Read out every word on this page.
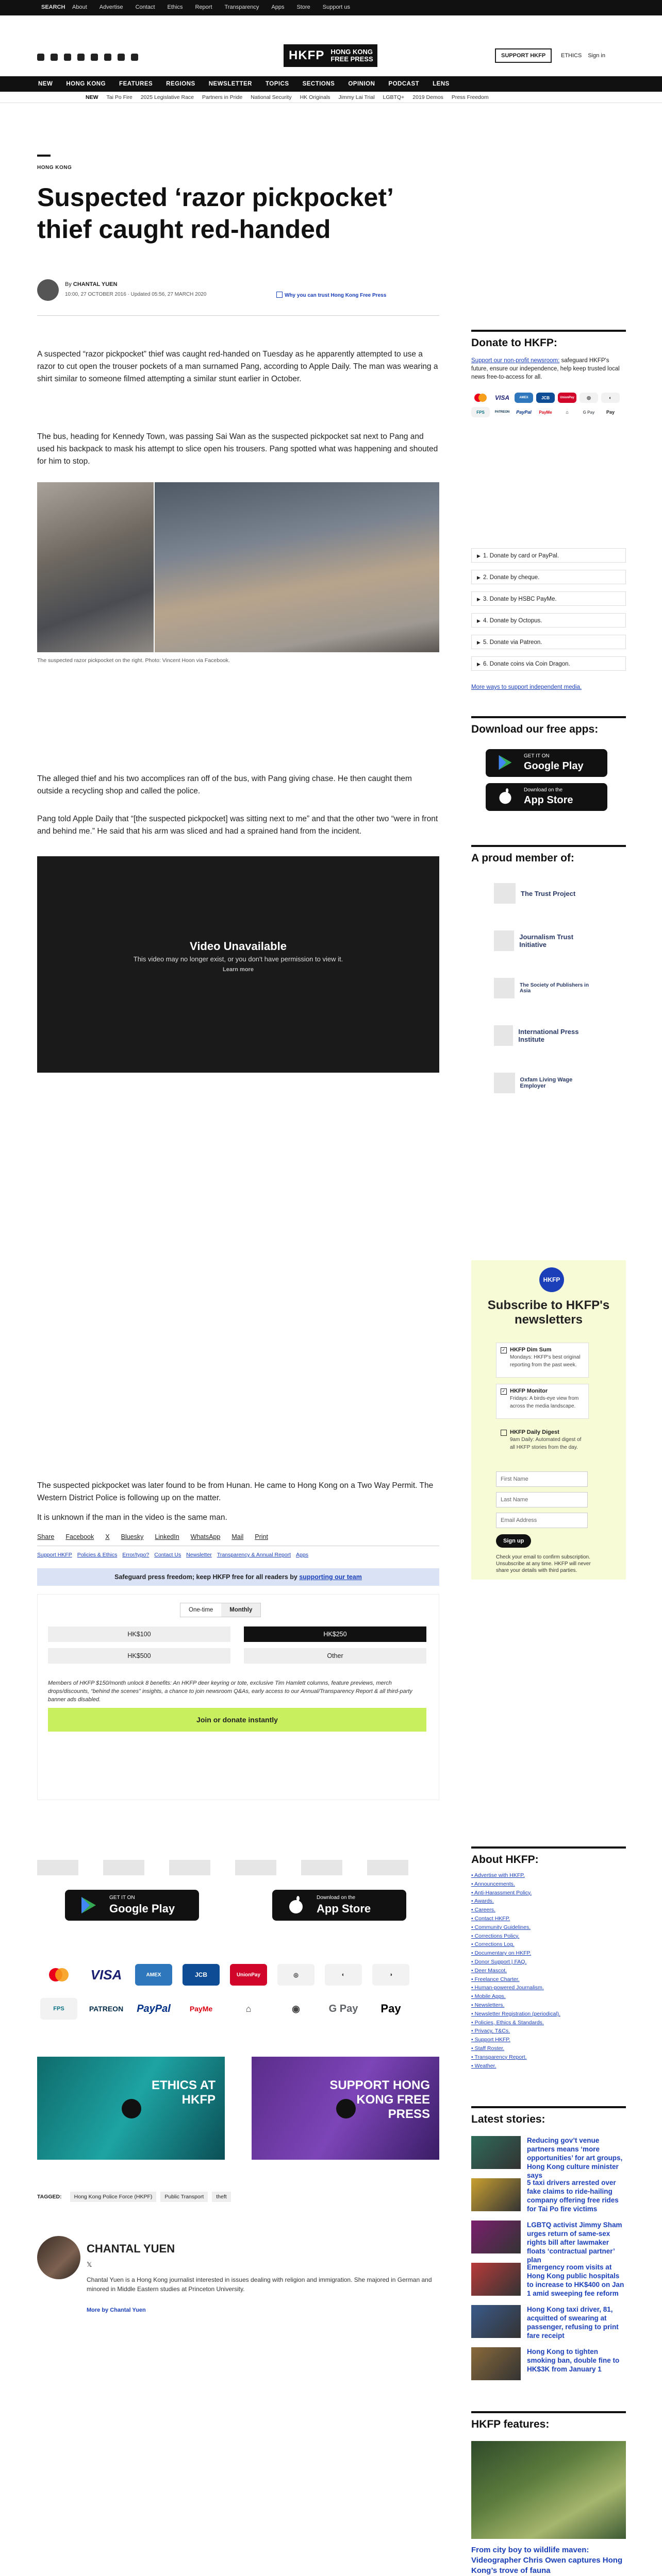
SEARCH About Advertise Contact Ethics Report Transparency Apps Store Support us
HKFP HONG KONG
FREE PRESS	SUPPORT HKFP	ETHICS Sign in
NEW HONG KONG FEATURES REGIONS NEWSLETTER TOPICS SECTIONS OPINION PODCAST LENS
NEW Tai Po Fire 2025 Legislative Race Partners in Pride National Security HK Originals Jimmy Lai Trial LGBTQ+ 2019 Demos Press Freedom
HONG KONG
Suspected ‘razor pickpocket’ thief caught red-handed
By CHANTAL YUEN
10:00, 27 OCTOBER 2016 · Updated 05:56, 27 MARCH 2020	Why you can trust Hong Kong Free Press

A suspected “razor pickpocket” thief was caught red-handed on Tuesday as he apparently attempted to use a razor to cut open the trouser pockets of a man surnamed Pang, according to Apple Daily. The man was wearing a shirt similar to someone filmed attempting a similar stunt earlier in October.

The bus, heading for Kennedy Town, was passing Sai Wan as the suspected pickpocket sat next to Pang and used his backpack to mask his attempt to slice open his trousers. Pang spotted what was happening and shouted for him to stop.

The suspected razor pickpocket on the right. Photo: Vincent Hoon via Facebook.

The alleged thief and his two accomplices ran off of the bus, with Pang giving chase. He then caught them outside a recycling shop and called the police.

Pang told Apple Daily that “[the suspected pickpocket] was sitting next to me” and that the other two “were in front and behind me.” He said that his arm was sliced and had a sprained hand from the incident.

Video Unavailable
This video may no longer exist, or you don't have permission to view it.
Learn more

The suspected pickpocket was later found to be from Hunan. He came to Hong Kong on a Two Way Permit. The Western District Police is following up on the matter.

It is unknown if the man in the video is the same man.

Share Facebook X Bluesky LinkedIn WhatsApp Mail Print
Support HKFP Policies & Ethics Error/typo? Contact Us Newsletter Transparency & Annual Report Apps
Safeguard press freedom; keep HKFP free for all readers by supporting our team
One-time	Monthly
HK$100	HK$250
HK$500	Other
Members of HKFP $150/month unlock 8 benefits: An HKFP deer keyring or tote, exclusive Tim Hamlett columns, feature previews, merch drops/discounts, “behind the scenes” insights, a chance to join newsroom Q&As, early access to our Annual/Transparency Report & all third-party banner ads disabled.
Join or donate instantly
GET IT ON
Google Play
Download on the
App Store
VISA	AMEX	JCB	UnionPay	◎	◐	◑
FPS	PATREON PayPal	PayMe	⌂	◉	G Pay	Pay
ETHICS AT HKFP
SUPPORT HONG KONG FREE PRESS
TAGGED:	Hong Kong Police Force (HKPF)	Public Transport	theft
CHANTAL YUEN
𝕏
Chantal Yuen is a Hong Kong journalist interested in issues dealing with religion and immigration. She majored in German and minored in Middle Eastern studies at Princeton University.
More by Chantal Yuen
Donate to HKFP:
Support our non-profit newsroom: safeguard HKFP's future, ensure our independence, help keep trusted local news free-to-access for all.
VISA	AMEX	JCB	UnionPay	◎	◐
FPS	PATREON	PayPal	PayMe	⌂	G Pay	Pay
▶ 1. Donate by card or PayPal.
▶ 2. Donate by cheque.
▶ 3. Donate by HSBC PayMe.
▶ 4. Donate by Octopus.
▶ 5. Donate via Patreon.
▶ 6. Donate coins via Coin Dragon.
More ways to support independent media.
Download our free apps:
GET IT ON
Google Play
Download on the
App Store
A proud member of:
The Trust Project
Journalism Trust Initiative
The Society of Publishers in Asia
International Press Institute
Oxfam Living Wage Employer
HKFP
Subscribe to HKFP's newsletters
✓ HKFP Dim Sum
Mondays: HKFP's best original reporting from the past week.
✓ HKFP Monitor
Fridays: A birds-eye view from across the media landscape.
HKFP Daily Digest
9am Daily: Automated digest of all HKFP stories from the day.
First Name
Last Name
Email Address
Sign up
Check your email to confirm subscription. Unsubscribe at any time. HKFP will never share your details with third parties.
About HKFP:
• Advertise with HKFP.
• Announcements.
• Anti-Harassment Policy.
• Awards.
• Careers.
• Contact HKFP.
• Community Guidelines.
• Corrections Policy.
• Corrections Log.
• Documentary on HKFP.
• Donor Support | FAQ.
• Deer Mascot.
• Freelance Charter.
• Human-powered Journalism.
• Mobile Apps.
• Newsletters.
• Newsletter Registration (periodical).
• Policies, Ethics & Standards.
• Privacy, T&Cs.
• Support HKFP.
• Staff Roster.
• Transparency Report.
• Weather.
Latest stories:
Reducing gov’t venue partners means ‘more opportunities’ for art groups, Hong Kong culture minister says
5 taxi drivers arrested over fake claims to ride-hailing company offering free rides for Tai Po fire victims
LGBTQ activist Jimmy Sham urges return of same-sex rights bill after lawmaker floats ‘contractual partner’ plan
Emergency room visits at Hong Kong public hospitals to increase to HK$400 on Jan 1 amid sweeping fee reform
Hong Kong taxi driver, 81, acquitted of swearing at passenger, refusing to print fare receipt
Hong Kong to tighten smoking ban, double fine to HK$3K from January 1
HKFP features:
From city boy to wildlife maven: Videographer Chris Owen captures Hong Kong’s trove of fauna
